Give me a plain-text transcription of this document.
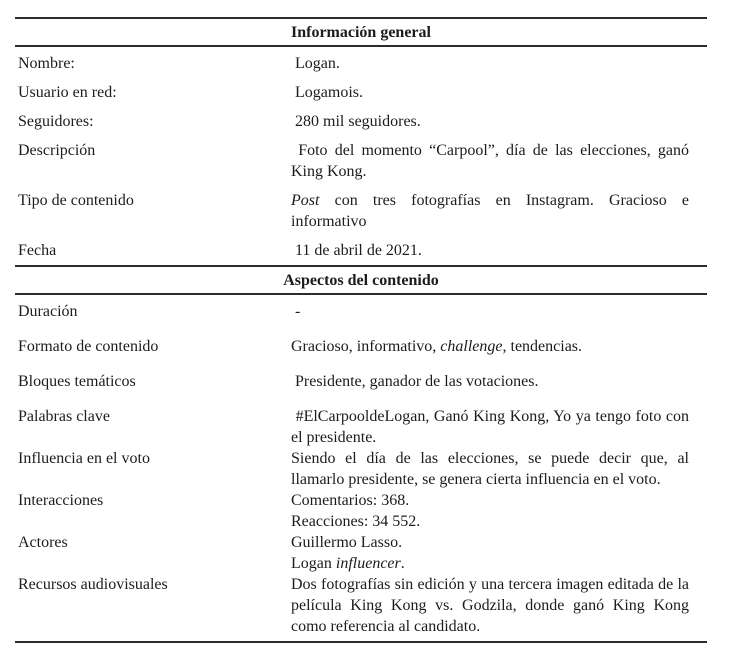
Información general
Nombre:	Logan.

Usuario en red:	Logamois.

Seguidores:	280 mil seguidores.

Descripción	Foto del momento “Carpool”, día de las elecciones, ganó King Kong.

Tipo de contenido	Post con tres fotografías en Instagram. Gracioso e informativo

Fecha	11 de abril de 2021.

Aspectos del contenido
Duración	-

Formato de contenido	Gracioso, informativo, challenge, tendencias.

Bloques temáticos	Presidente, ganador de las votaciones.

Palabras clave	#ElCarpooldeLogan, Ganó King Kong, Yo ya tengo foto con el presidente.

Influencia en el voto	Siendo el día de las elecciones, se puede decir que, al llamarlo presidente, se genera cierta influencia en el voto.

Interacciones	Comentarios: 368.

Reacciones: 34 552.

Actores	Guillermo Lasso.

Logan influencer.

Recursos audiovisuales	Dos fotografías sin edición y una tercera imagen editada de la película King Kong vs. Godzila, donde ganó King Kong como referencia al candidato.
